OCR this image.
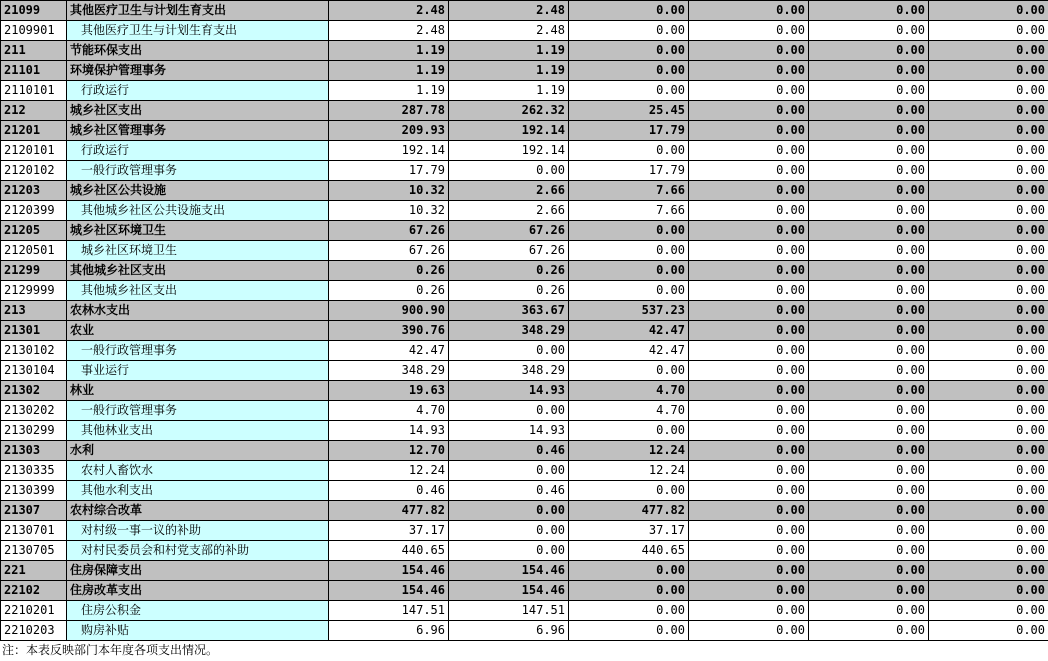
21099	其他医疗卫生与计划生育支出	2.48	2.48	0.00	0.00	0.00	0.00
2109901	其他医疗卫生与计划生育支出	2.48	2.48	0.00	0.00	0.00	0.00
211	节能环保支出	1.19	1.19	0.00	0.00	0.00	0.00
21101	环境保护管理事务	1.19	1.19	0.00	0.00	0.00	0.00
2110101	行政运行	1.19	1.19	0.00	0.00	0.00	0.00
212	城乡社区支出	287.78	262.32	25.45	0.00	0.00	0.00
21201	城乡社区管理事务	209.93	192.14	17.79	0.00	0.00	0.00
2120101	行政运行	192.14	192.14	0.00	0.00	0.00	0.00
2120102	一般行政管理事务	17.79	0.00	17.79	0.00	0.00	0.00
21203	城乡社区公共设施	10.32	2.66	7.66	0.00	0.00	0.00
2120399	其他城乡社区公共设施支出	10.32	2.66	7.66	0.00	0.00	0.00
21205	城乡社区环境卫生	67.26	67.26	0.00	0.00	0.00	0.00
2120501	城乡社区环境卫生	67.26	67.26	0.00	0.00	0.00	0.00
21299	其他城乡社区支出	0.26	0.26	0.00	0.00	0.00	0.00
2129999	其他城乡社区支出	0.26	0.26	0.00	0.00	0.00	0.00
213	农林水支出	900.90	363.67	537.23	0.00	0.00	0.00
21301	农业	390.76	348.29	42.47	0.00	0.00	0.00
2130102	一般行政管理事务	42.47	0.00	42.47	0.00	0.00	0.00
2130104	事业运行	348.29	348.29	0.00	0.00	0.00	0.00
21302	林业	19.63	14.93	4.70	0.00	0.00	0.00
2130202	一般行政管理事务	4.70	0.00	4.70	0.00	0.00	0.00
2130299	其他林业支出	14.93	14.93	0.00	0.00	0.00	0.00
21303	水利	12.70	0.46	12.24	0.00	0.00	0.00
2130335	农村人畜饮水	12.24	0.00	12.24	0.00	0.00	0.00
2130399	其他水利支出	0.46	0.46	0.00	0.00	0.00	0.00
21307	农村综合改革	477.82	0.00	477.82	0.00	0.00	0.00
2130701	对村级一事一议的补助	37.17	0.00	37.17	0.00	0.00	0.00
2130705	对村民委员会和村党支部的补助	440.65	0.00	440.65	0.00	0.00	0.00
221	住房保障支出	154.46	154.46	0.00	0.00	0.00	0.00
22102	住房改革支出	154.46	154.46	0.00	0.00	0.00	0.00
2210201	住房公积金	147.51	147.51	0.00	0.00	0.00	0.00
2210203	购房补贴	6.96	6.96	0.00	0.00	0.00	0.00
注：本表反映部门本年度各项支出情况。
